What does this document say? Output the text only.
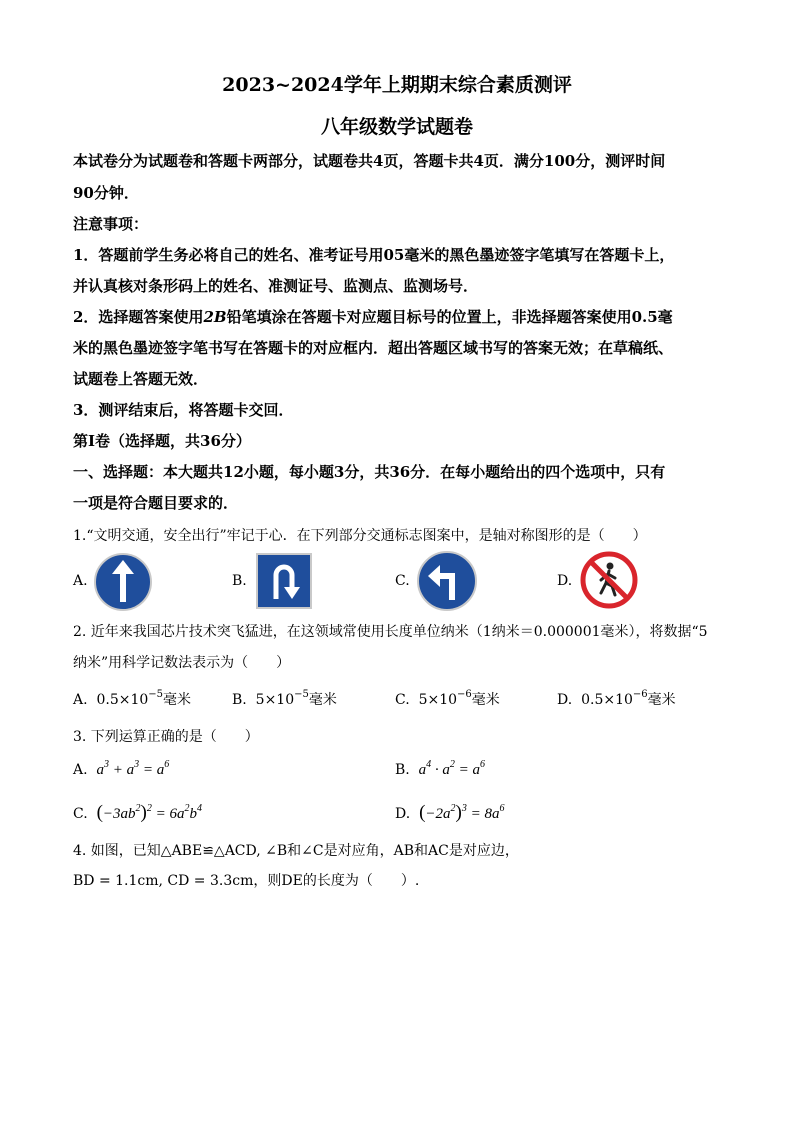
2023~2024学年上期期末综合素质测评
八年级数学试题卷
本试卷分为试题卷和答题卡两部分，试题卷共4页，答题卡共4页．满分100分，测评时间
90分钟．
注意事项：
1．答题前学生务必将自己的姓名、准考证号用05毫米的黑色墨迹签字笔填写在答题卡上，
并认真核对条形码上的姓名、准测证号、监测点、监测场号．
2．选择题答案使用2B铅笔填涂在答题卡对应题目标号的位置上，非选择题答案使用0.5毫
米的黑色墨迹签字笔书写在答题卡的对应框内．超出答题区域书写的答案无效；在草稿纸、
试题卷上答题无效．
3．测评结束后，将答题卡交回．
第Ⅰ卷（选择题，共36分）
一、选择题：本大题共12小题，每小题3分，共36分．在每小题给出的四个选项中，只有
一项是符合题目要求的．
1.“文明交通，安全出行”牢记于心．在下列部分交通标志图案中，是轴对称图形的是（　　）
A.	B.	C.	D.
2. 近年来我国芯片技术突飞猛进，在这领域常使用长度单位纳米（1纳米＝0.000001毫米），将数据“5
纳米”用科学记数法表示为（　　）
A. $0.5\times 10^{-5}$毫米	B. $5\times 10^{-5}$毫米	C. $5\times 10^{-6}$毫米	D. $0.5\times 10^{-6}$毫米
3. 下列运算正确的是（　　）
A. $a^3 + a^3 = a^6$	B. $a^4 \cdot a^2 = a^6$
C. $(-3ab^2)^2 = 6a^2b^4$	D. $(-2a^2)^3 = 8a^6$
4. 如图，已知△ABE≌△ACD, ∠B和∠C是对应角，AB和AC是对应边，
BD = 1.1cm, CD = 3.3cm，则DE的长度为（　　）.
